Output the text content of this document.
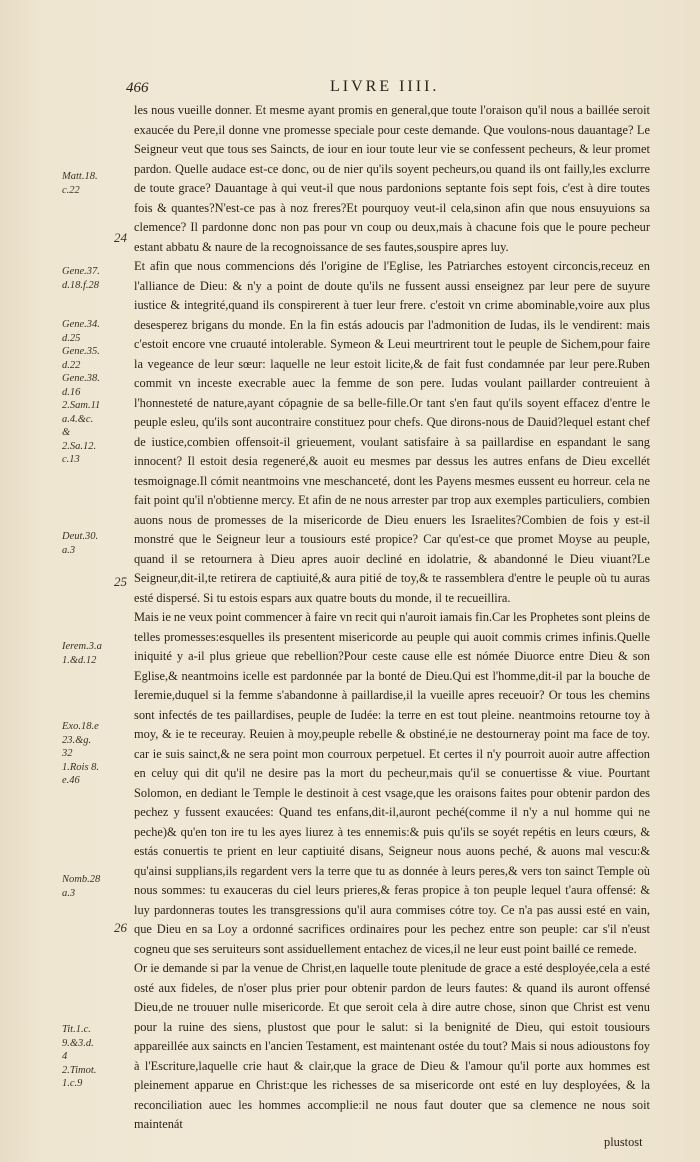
466	LIVRE IIII.

les nous vueille donner. Et mesme ayant promis en general,que toute l'oraison qu'il nous a baillée seroit exaucée du Pere,il donne vne promesse speciale pour ceste demande. Que voulons-nous dauantage? Le Seigneur veut que tous ses Saincts, de iour en iour toute leur vie se confessent pecheurs, & leur promet pardon. Quelle audace est-ce donc, ou de nier qu'ils soyent pecheurs,ou quand ils ont failly,les exclurre de toute grace? Dauantage à qui veut-il que nous pardonions septante fois sept fois, c'est à dire toutes fois & quantes?N'est-ce pas à noz freres?Et pourquoy veut-il cela,sinon afin que nous ensuyuions sa clemence? Il pardonne donc non pas pour vn coup ou deux,mais à chacune fois que le poure pecheur estant abbatu & naure de la recognoissance de ses fautes,souspire apres luy.

Et afin que nous commencions dés l'origine de l'Eglise, les Patriarches estoyent circoncis,receuz en l'alliance de Dieu: & n'y a point de doute qu'ils ne fussent aussi enseignez par leur pere de suyure iustice & integrité,quand ils conspirerent à tuer leur frere. c'estoit vn crime abominable,voire aux plus desesperez brigans du monde. En la fin estás adoucis par l'admonition de Iudas, ils le vendirent: mais c'estoit encore vne cruauté intolerable. Symeon & Leui meurtrirent tout le peuple de Sichem,pour faire la vegeance de leur sœur: laquelle ne leur estoit licite,& de fait fust condamnée par leur pere.Ruben commit vn inceste execrable auec la femme de son pere. Iudas voulant paillarder contreuient à l'honnesteté de nature,ayant cópagnie de sa belle-fille.Or tant s'en faut qu'ils soyent effacez d'entre le peuple esleu, qu'ils sont aucontraire constituez pour chefs. Que dirons-nous de Dauid?lequel estant chef de iustice,combien offensoit-il grieuement, voulant satisfaire à sa paillardise en espandant le sang innocent? Il estoit desia regeneré,& auoit eu mesmes par dessus les autres enfans de Dieu excellét tesmoignage.Il cómit neantmoins vne meschanceté, dont les Payens mesmes eussent eu horreur. cela ne fait point qu'il n'obtienne mercy. Et afin de ne nous arrester par trop aux exemples particuliers, combien auons nous de promesses de la misericorde de Dieu enuers les Israelites?Combien de fois y est-il monstré que le Seigneur leur a tousiours esté propice? Car qu'est-ce que promet Moyse au peuple, quand il se retournera à Dieu apres auoir decliné en idolatrie, & abandonné le Dieu viuant?Le Seigneur,dit-il,te retirera de captiuité,& aura pitié de toy,& te rassemblera d'entre le peuple où tu auras esté dispersé. Si tu estois espars aux quatre bouts du monde, il te recueillira.

Mais ie ne veux point commencer à faire vn recit qui n'auroit iamais fin.Car les Prophetes sont pleins de telles promesses:esquelles ils presentent misericorde au peuple qui auoit commis crimes infinis.Quelle iniquité y a-il plus grieue que rebellion?Pour ceste cause elle est nómée Diuorce entre Dieu & son Eglise,& neantmoins icelle est pardonnée par la bonté de Dieu.Qui est l'homme,dit-il par la bouche de Ieremie,duquel si la femme s'abandonne à paillardise,il la vueille apres receuoir? Or tous les chemins sont infectés de tes paillardises, peuple de Iudée: la terre en est tout pleine. neantmoins retourne toy à moy, & ie te receuray. Reuien à moy,peuple rebelle & obstiné,ie ne destourneray point ma face de toy. car ie suis sainct,& ne sera point mon courroux perpetuel. Et certes il n'y pourroit auoir autre affection en celuy qui dit qu'il ne desire pas la mort du pecheur,mais qu'il se conuertisse & viue. Pourtant Solomon, en dediant le Temple le destinoit à cest vsage,que les oraisons faites pour obtenir pardon des pechez y fussent exaucées: Quand tes enfans,dit-il,auront peché(comme il n'y a nul homme qui ne peche)& qu'en ton ire tu les ayes liurez à tes ennemis:& puis qu'ils se soyét repétis en leurs cœurs, & estás conuertis te prient en leur captiuité disans, Seigneur nous auons peché, & auons mal vescu:& qu'ainsi supplians,ils regardent vers la terre que tu as donnée à leurs peres,& vers ton sainct Temple où nous sommes: tu exauceras du ciel leurs prieres,& feras propice à ton peuple lequel t'aura offensé: & luy pardonneras toutes les transgressions qu'il aura commises cótre toy. Ce n'a pas aussi esté en vain, que Dieu en sa Loy a ordonné sacrifices ordinaires pour les pechez entre son peuple: car s'il n'eust cogneu que ses seruiteurs sont assiduellement entachez de vices,il ne leur eust point baillé ce remede.

Or ie demande si par la venue de Christ,en laquelle toute plenitude de grace a esté desployée,cela a esté osté aux fideles, de n'oser plus prier pour obtenir pardon de leurs fautes: & quand ils auront offensé Dieu,de ne trouuer nulle misericorde. Et que seroit cela à dire autre chose, sinon que Christ est venu pour la ruine des siens, plustost que pour le salut: si la benignité de Dieu, qui estoit tousiours appareillée aux saincts en l'ancien Testament, est maintenant ostée du tout? Mais si nous adioustons foy à l'Escriture,laquelle crie haut & clair,que la grace de Dieu & l'amour qu'il porte aux hommes est pleinement apparue en Christ:que les richesses de sa misericorde ont esté en luy desployées, & la reconciliation auec les hommes accomplie:il ne nous faut douter que sa clemence ne nous soit maintenát

24
25
26
Matt.18.
c.22
Gene.37.
d.18.f.28
Gene.34.
d.25
Gene.35.
d.22
Gene.38.
d.16
2.Sam.11
a.4.&c.
&
2.Sa.12.
c.13
Deut.30.
a.3
Ierem.3.a
1.&d.12
Exo.18.e
23.&g.
32
1.Rois 8.
e.46
Nomb.28
a.3
Tit.1.c.
9.&3.d.
4
2.Timot.
1.c.9
plustost
